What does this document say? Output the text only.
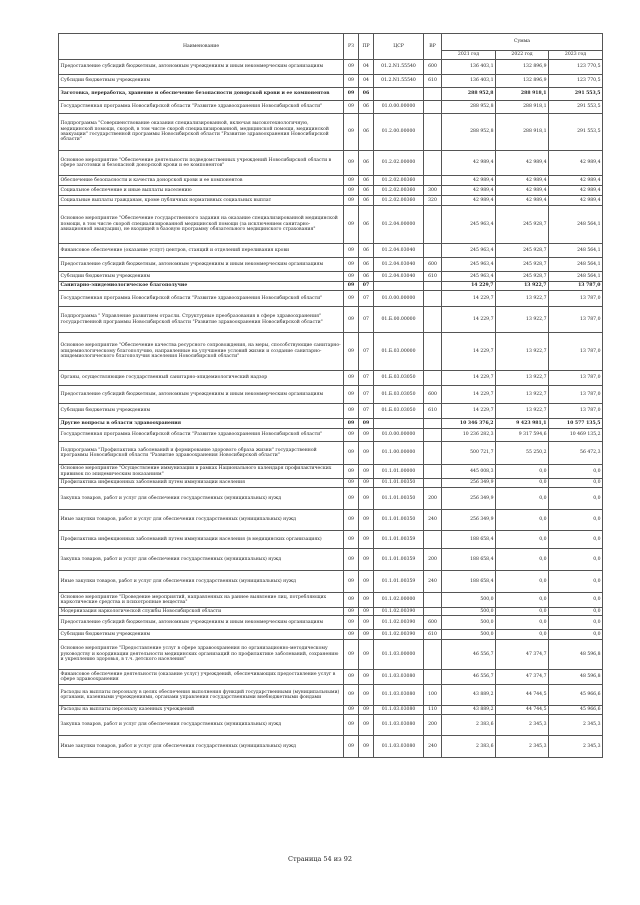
Наименование	РЗ	ПР	ЦСР	ВР	Сумма		
					2021 год	2022 год	2023 год
Предоставление субсидий бюджетным, автономным учреждениям и иным некоммерческим организациям	09	04	01.2.N1.55540	600	136 403,1	132 896,9	123 770,5
Субсидии бюджетным учреждениям	09	04	01.2.N1.55540	610	136 403,1	132 896,9	123 770,5
Заготовка, переработка, хранение и обеспечение безопасности донорской крови и ее компонентов	09	06			288 952,8	288 918,1	291 553,5
Государственная программа Новосибирской области "Развитие здравоохранения Новосибирской области"	09	06	01.0.00.00000		288 952,8	288 918,1	291 553,5
Подпрограмма "Совершенствование оказания специализированной, включая высокотехнологичную, медицинской помощи, скорой, в том числе скорой специализированной, медицинской помощи, медицинской эвакуации" государственной программы Новосибирской области "Развитие здравоохранения Новосибирской области"	09	06	01.2.00.00000		288 952,8	288 918,1	291 553,5
Основное мероприятие "Обеспечение деятельности подведомственных учреждений Новосибирской области в сфере заготовки и безопасной донорской крови и ее компонентов"	09	06	01.2.02.00000		42 989,4	42 989,4	42 989,4
Обеспечение безопасности и качества донорской крови и ее компонентов	09	06	01.2.02.00360		42 989,4	42 989,4	42 989,4
Социальное обеспечение и иные выплаты населению	09	06	01.2.02.00360	300	42 989,4	42 989,4	42 989,4
Социальные выплаты гражданам, кроме публичных нормативных социальных выплат	09	06	01.2.02.00360	320	42 989,4	42 989,4	42 989,4
Основное мероприятие "Обеспечение государственного задания на оказание специализированной медицинской помощи, в том числе скорой специализированной медицинской помощи (за исключением санитарно-авиационной эвакуации), не входящей в базовую программу обязательного медицинского страхования"	09	06	01.2.04.00000		245 963,4	245 928,7	248 564,1
Финансовое обеспечение (оказание услуг) центров, станций и отделений переливания крови	09	06	01.2.04.03040		245 963,4	245 928,7	248 564,1
Предоставление субсидий бюджетным, автономным учреждениям и иным некоммерческим организациям	09	06	01.2.04.03040	600	245 963,4	245 928,7	248 564,1
Субсидии бюджетным учреждениям	09	06	01.2.04.03040	610	245 963,4	245 928,7	248 564,1
Санитарно-эпидемиологическое благополучие	09	07			14 229,7	13 922,7	13 787,0
Государственная программа Новосибирской области "Развитие здравоохранения Новосибирской области"	09	07	01.0.00.00000		14 229,7	13 922,7	13 787,0
Подпрограмма " Управление развитием отрасли. Структурные преобразования в сфере здравоохранения" государственной программы Новосибирской области "Развитие здравоохранения Новосибирской области"	09	07	01.Б.00.00000		14 229,7	13 922,7	13 787,0
Основное мероприятие "Обеспечение качества ресурсного сопровождения, на меры, способствующие санитарно-эпидемиологическому благополучию, направленные на улучшение условий жизни и создание санитарно-эпидемиологического благополучия населения Новосибирской области"	09	07	01.Б.03.00000		14 229,7	13 922,7	13 787,0
Органы, осуществляющие государственный санитарно-эпидемиологический надзор	09	07	01.Б.03.03050		14 229,7	13 922,7	13 787,0
Предоставление субсидий бюджетным, автономным учреждениям и иным некоммерческим организациям	09	07	01.Б.03.03050	600	14 229,7	13 922,7	13 787,0
Субсидии бюджетным учреждениям	09	07	01.Б.03.03050	610	14 229,7	13 922,7	13 787,0
Другие вопросы в области здравоохранения	09	09			10 346 376,2	9 423 981,1	10 577 135,5
Государственная программа Новосибирской области "Развитие здравоохранения Новосибирской области"	09	09	01.0.00.00000		10 236 282,3	9 317 594,6	10 469 135,2
Подпрограмма "Профилактика заболеваний и формирование здорового образа жизни" государственной программы Новосибирской области "Развитие здравоохранения Новосибирской области"	09	09	01.1.00.00000		500 721,7	55 250,2	56 472,3
Основное мероприятие "Осуществление иммунизации в рамках Национального календаря профилактических прививок по эпидемическим показаниям"	09	09	01.1.01.00000		445 008,3	0,0	0,0
Профилактика инфекционных заболеваний путем иммунизации населения	09	09	01.1.01.00350		256 349,9	0,0	0,0
Закупка товаров, работ и услуг для обеспечения государственных (муниципальных) нужд	09	09	01.1.01.00350	200	256 349,9	0,0	0,0
Иные закупки товаров, работ и услуг для обеспечения государственных (муниципальных) нужд	09	09	01.1.01.00350	240	256 349,9	0,0	0,0
Профилактика инфекционных заболеваний путем иммунизации населения (в медицинских организациях)	09	09	01.1.01.00359		188 658,4	0,0	0,0
Закупка товаров, работ и услуг для обеспечения государственных (муниципальных) нужд	09	09	01.1.01.00359	200	188 658,4	0,0	0,0
Иные закупки товаров, работ и услуг для обеспечения государственных (муниципальных) нужд	09	09	01.1.01.00359	240	188 658,4	0,0	0,0
Основное мероприятие "Проведение мероприятий, направленных на раннее выявление лиц, потребляющих наркотические средства и психотропные вещества"	09	09	01.1.02.00000		500,0	0,0	0,0
Модернизация наркологической службы Новосибирской области	09	09	01.1.02.00390		500,0	0,0	0,0
Предоставление субсидий бюджетным, автономным учреждениям и иным некоммерческим организациям	09	09	01.1.02.00390	600	500,0	0,0	0,0
Субсидии бюджетным учреждениям	09	09	01.1.02.00390	610	500,0	0,0	0,0
Основное мероприятие "Предоставление услуг в сфере здравоохранения по организационно-методическому руководству и координации деятельности медицинских организаций по профилактике заболеваний, сохранению и укреплению здоровья, в т.ч. детского населения"	09	09	01.1.03.00000		46 556,7	47 374,7	48 596,8
Финансовое обеспечение деятельности (оказание услуг) учреждений, обеспечивающих предоставление услуг в сфере здравоохранения	09	09	01.1.03.03080		46 556,7	47 374,7	48 596,8
Расходы на выплаты персоналу в целях обеспечения выполнения функций государственными (муниципальными) органами, казенными учреждениями, органами управления государственными внебюджетными фондами	09	09	01.1.03.03080	100	43 889,2	44 744,5	45 966,6
Расходы на выплаты персоналу казенных учреждений	09	09	01.1.03.03080	110	43 889,2	44 744,5	45 966,6
Закупка товаров, работ и услуг для обеспечения государственных (муниципальных) нужд	09	09	01.1.03.03080	200	2 383,6	2 345,3	2 345,3
Иные закупки товаров, работ и услуг для обеспечения государственных (муниципальных) нужд	09	09	01.1.03.03080	240	2 383,6	2 345,3	2 345,3
Страница 54 из 92
